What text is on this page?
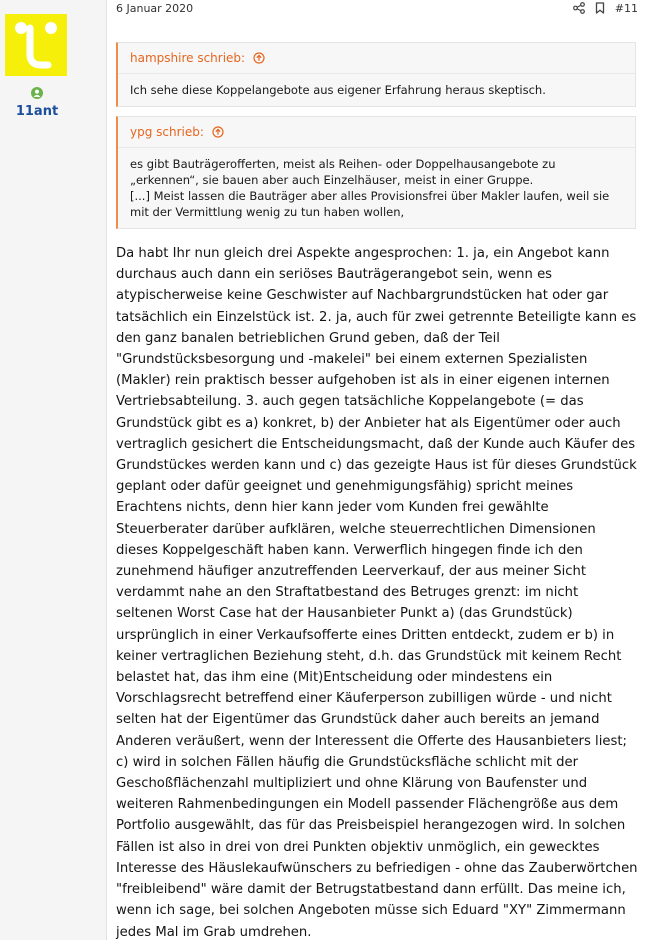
11ant
6 Januar 2020	#11
hampshire schrieb:

Ich sehe diese Koppelangebote aus eigener Erfahrung heraus skeptisch.

ypg schrieb:

es gibt Bauträgerofferten, meist als Reihen- oder Doppelhausangebote zu „erkennen“, sie bauen aber auch Einzelhäuser, meist in einer Gruppe.

[...] Meist lassen die Bauträger aber alles Provisionsfrei über Makler laufen, weil sie mit der Vermittlung wenig zu tun haben wollen,

Da habt Ihr nun gleich drei Aspekte angesprochen: 1. ja, ein Angebot kann durchaus auch dann ein seriöses Bauträgerangebot sein, wenn es atypischerweise keine Geschwister auf Nachbargrundstücken hat oder gar tatsächlich ein Einzelstück ist. 2. ja, auch für zwei getrennte Beteiligte kann es den ganz banalen betrieblichen Grund geben, daß der Teil "Grundstücksbesorgung und -makelei" bei einem externen Spezialisten (Makler) rein praktisch besser aufgehoben ist als in einer eigenen internen Vertriebsabteilung. 3. auch gegen tatsächliche Koppelangebote (= das Grundstück gibt es a) konkret, b) der Anbieter hat als Eigentümer oder auch vertraglich gesichert die Entscheidungsmacht, daß der Kunde auch Käufer des Grundstückes werden kann und c) das gezeigte Haus ist für dieses Grundstück geplant oder dafür geeignet und genehmigungsfähig) spricht meines Erachtens nichts, denn hier kann jeder vom Kunden frei gewählte Steuerberater darüber aufklären, welche steuerrechtlichen Dimensionen dieses Koppelgeschäft haben kann. Verwerflich hingegen finde ich den zunehmend häufiger anzutreffenden Leerverkauf, der aus meiner Sicht verdammt nahe an den Straftatbestand des Betruges grenzt: im nicht seltenen Worst Case hat der Hausanbieter Punkt a) (das Grundstück) ursprünglich in einer Verkaufsofferte eines Dritten entdeckt, zudem er b) in keiner vertraglichen Beziehung steht, d.h. das Grundstück mit keinem Recht belastet hat, das ihm eine (Mit)Entscheidung oder mindestens ein Vorschlagsrecht betreffend einer Käuferperson zubilligen würde - und nicht selten hat der Eigentümer das Grundstück daher auch bereits an jemand Anderen veräußert, wenn der Interessent die Offerte des Hausanbieters liest; c) wird in solchen Fällen häufig die Grundstücksfläche schlicht mit der Geschoßflächenzahl multipliziert und ohne Klärung von Baufenster und weiteren Rahmenbedingungen ein Modell passender Flächengröße aus dem Portfolio ausgewählt, das für das Preisbeispiel herangezogen wird. In solchen Fällen ist also in drei von drei Punkten objektiv unmöglich, ein gewecktes Interesse des Häuslekaufwünschers zu befriedigen - ohne das Zauberwörtchen "freibleibend" wäre damit der Betrugstatbestand dann erfüllt. Das meine ich, wenn ich sage, bei solchen Angeboten müsse sich Eduard "XY" Zimmermann jedes Mal im Grab umdrehen.
